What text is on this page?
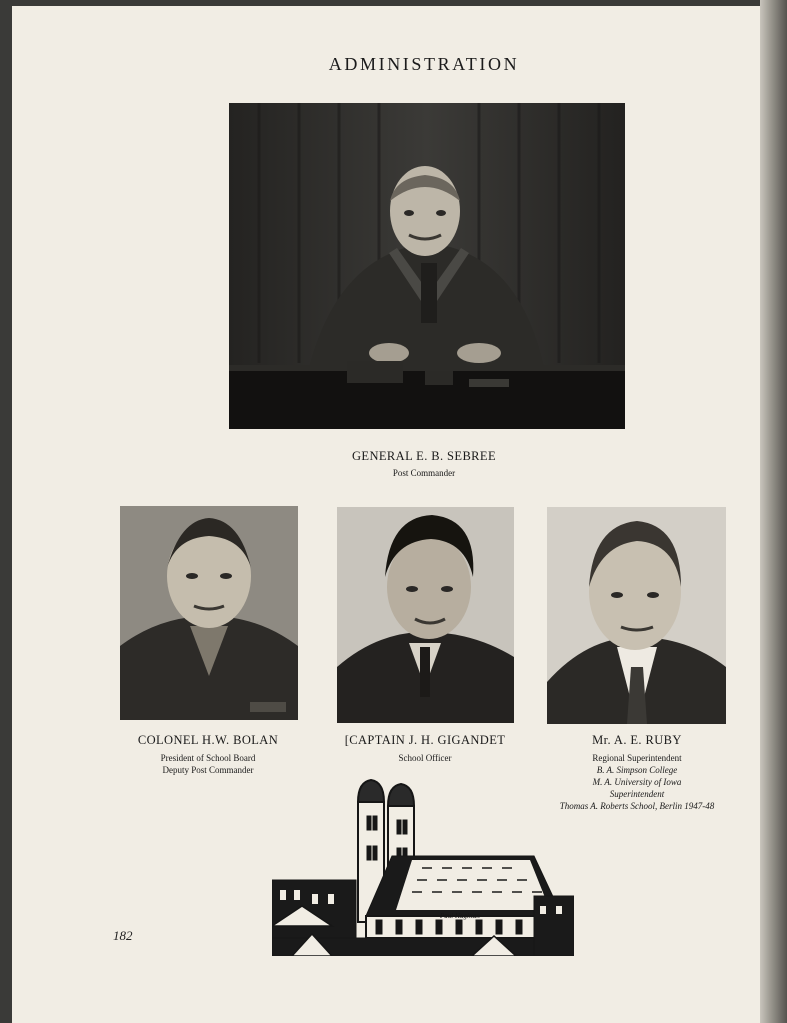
ADMINISTRATION
GENERAL E. B. SEBREE
Post Commander
COLONEL H.W. BOLAN
President of School Board
Deputy Post Commander
[CAPTAIN J. H. GIGANDET
School Officer
Mr. A. E. RUBY
Regional Superintendent
B. A. Simpson College
M. A. University of Iowa
Superintendent
Thomas A. Roberts School, Berlin 1947-48
Paul Haglitan
182
